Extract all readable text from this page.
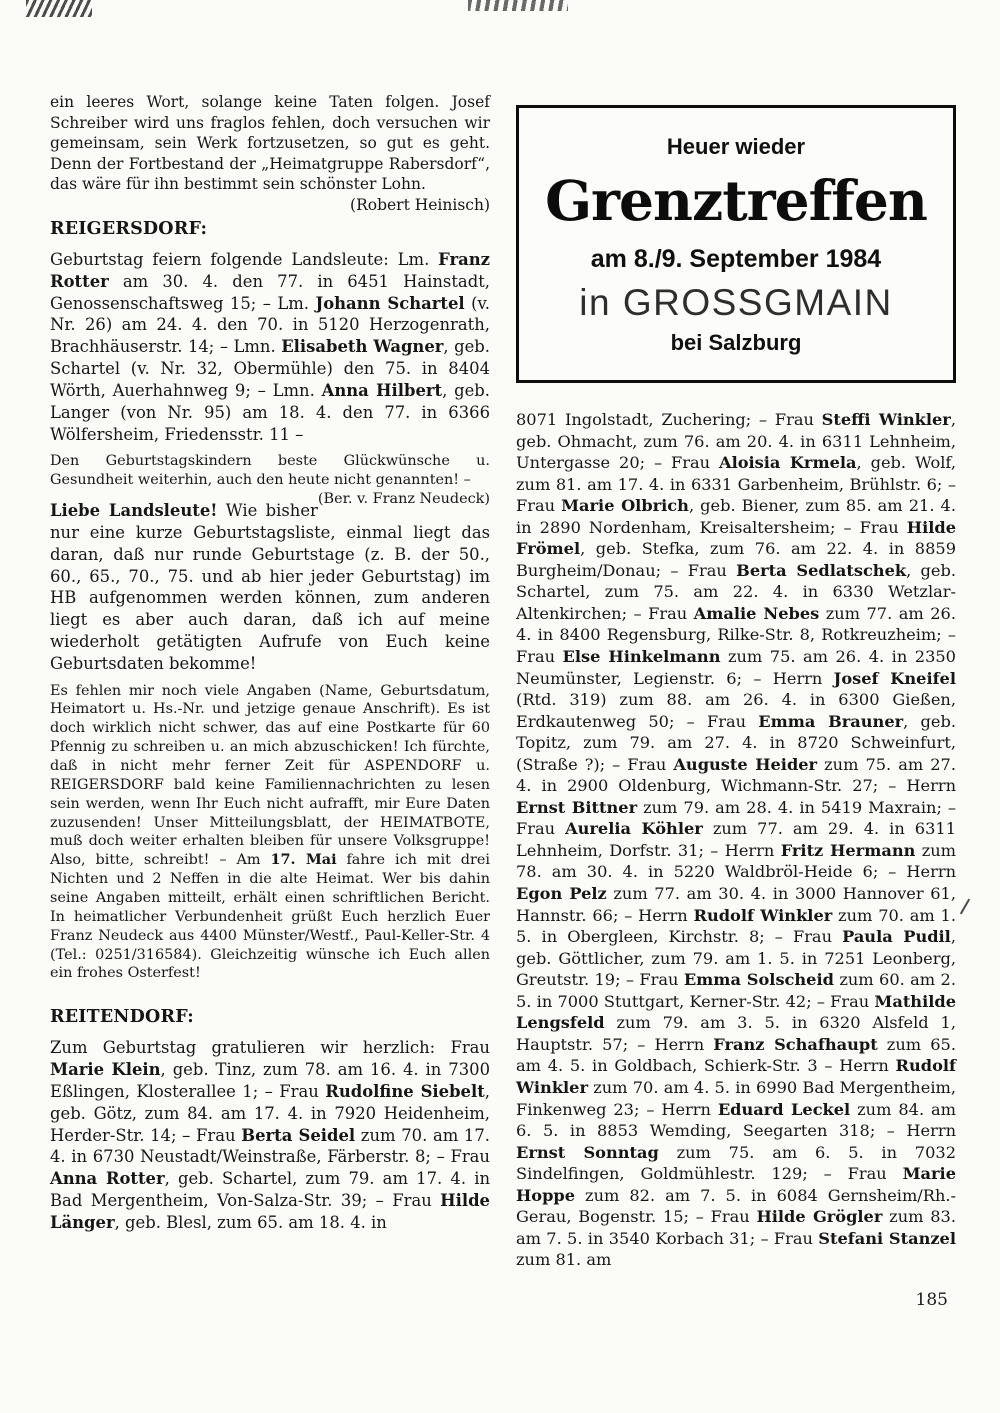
ein leeres Wort, solange keine Taten folgen. Josef Schreiber wird uns fraglos fehlen, doch versuchen wir gemeinsam, sein Werk fortzusetzen, so gut es geht. Denn der Fortbestand der „Heimatgruppe Rabersdorf“, das wäre für ihn bestimmt sein schönster Lohn.
(Robert Heinisch)

REIGERSDORF:

Geburtstag feiern folgende Landsleute: Lm. Franz Rotter am 30. 4. den 77. in 6451 Hainstadt, Genossenschaftsweg 15; – Lm. Johann Schartel (v. Nr. 26) am 24. 4. den 70. in 5120 Herzogenrath, Brachhäuserstr. 14; – Lmn. Elisabeth Wagner, geb. Schartel (v. Nr. 32, Obermühle) den 75. in 8404 Wörth, Auerhahnweg 9; – Lmn. Anna Hilbert, geb. Langer (von Nr. 95) am 18. 4. den 77. in 6366 Wölfersheim, Friedensstr. 11 –

Den Geburtstagskindern beste Glückwünsche u. Gesundheit weiterhin, auch den heute nicht genannten! –
(Ber. v. Franz Neudeck)

Liebe Landsleute! Wie bisher nur eine kurze Geburtstagsliste, einmal liegt das daran, daß nur runde Geburtstage (z. B. der 50., 60., 65., 70., 75. und ab hier jeder Geburtstag) im HB aufgenommen werden können, zum anderen liegt es aber auch daran, daß ich auf meine wiederholt getätigten Aufrufe von Euch keine Geburtsdaten bekomme!

Es fehlen mir noch viele Angaben (Name, Geburtsdatum, Heimatort u. Hs.-Nr. und jetzige genaue Anschrift). Es ist doch wirklich nicht schwer, das auf eine Postkarte für 60 Pfennig zu schreiben u. an mich abzuschicken! Ich fürchte, daß in nicht mehr ferner Zeit für ASPENDORF u. REIGERSDORF bald keine Familiennachrichten zu lesen sein werden, wenn Ihr Euch nicht aufrafft, mir Eure Daten zuzusenden! Unser Mitteilungsblatt, der HEIMATBOTE, muß doch weiter erhalten bleiben für unsere Volksgruppe! Also, bitte, schreibt! – Am 17. Mai fahre ich mit drei Nichten und 2 Neffen in die alte Heimat. Wer bis dahin seine Angaben mitteilt, erhält einen schriftlichen Bericht. In heimatlicher Verbundenheit grüßt Euch herzlich Euer Franz Neudeck aus 4400 Münster/Westf., Paul-Keller-Str. 4 (Tel.: 0251/316584). Gleichzeitig wünsche ich Euch allen ein frohes Osterfest!

REITENDORF:

Zum Geburtstag gratulieren wir herzlich: Frau Marie Klein, geb. Tinz, zum 78. am 16. 4. in 7300 Eßlingen, Klosterallee 1; – Frau Rudolfine Siebelt, geb. Götz, zum 84. am 17. 4. in 7920 Heidenheim, Herder-Str. 14; – Frau Berta Seidel zum 70. am 17. 4. in 6730 Neustadt/Weinstraße, Färberstr. 8; – Frau Anna Rotter, geb. Schartel, zum 79. am 17. 4. in Bad Mergentheim, Von-Salza-Str. 39; – Frau Hilde Länger, geb. Blesl, zum 65. am 18. 4. in

Heuer wieder
Grenztreffen
am 8./9. September 1984
in GROSSGMAIN
bei Salzburg

8071 Ingolstadt, Zuchering; – Frau Steffi Winkler, geb. Ohmacht, zum 76. am 20. 4. in 6311 Lehnheim, Untergasse 20; – Frau Aloisia Krmela, geb. Wolf, zum 81. am 17. 4. in 6331 Garbenheim, Brühlstr. 6; – Frau Marie Olbrich, geb. Biener, zum 85. am 21. 4. in 2890 Nordenham, Kreisaltersheim; – Frau Hilde Frömel, geb. Stefka, zum 76. am 22. 4. in 8859 Burgheim/Donau; – Frau Berta Sedlatschek, geb. Schartel, zum 75. am 22. 4. in 6330 Wetzlar-Altenkirchen; – Frau Amalie Nebes zum 77. am 26. 4. in 8400 Regensburg, Rilke-Str. 8, Rotkreuzheim; – Frau Else Hinkelmann zum 75. am 26. 4. in 2350 Neumünster, Legienstr. 6; – Herrn Josef Kneifel (Rtd. 319) zum 88. am 26. 4. in 6300 Gießen, Erdkautenweg 50; – Frau Emma Brauner, geb. Topitz, zum 79. am 27. 4. in 8720 Schweinfurt, (Straße ?); – Frau Auguste Heider zum 75. am 27. 4. in 2900 Oldenburg, Wichmann-Str. 27; – Herrn Ernst Bittner zum 79. am 28. 4. in 5419 Maxrain; – Frau Aurelia Köhler zum 77. am 29. 4. in 6311 Lehnheim, Dorfstr. 31; – Herrn Fritz Hermann zum 78. am 30. 4. in 5220 Waldbröl-Heide 6; – Herrn Egon Pelz zum 77. am 30. 4. in 3000 Hannover 61, Hannstr. 66; – Herrn Rudolf Winkler zum 70. am 1. 5. in Obergleen, Kirchstr. 8; – Frau Paula Pudil, geb. Göttlicher, zum 79. am 1. 5. in 7251 Leonberg, Greutstr. 19; – Frau Emma Solscheid zum 60. am 2. 5. in 7000 Stuttgart, Kerner-Str. 42; – Frau Mathilde Lengsfeld zum 79. am 3. 5. in 6320 Alsfeld 1, Hauptstr. 57; – Herrn Franz Schafhaupt zum 65. am 4. 5. in Goldbach, Schierk-Str. 3 – Herrn Rudolf Winkler zum 70. am 4. 5. in 6990 Bad Mergentheim, Finkenweg 23; – Herrn Eduard Leckel zum 84. am 6. 5. in 8853 Wemding, Seegarten 318; – Herrn Ernst Sonntag zum 75. am 6. 5. in 7032 Sindelfingen, Goldmühlestr. 129; – Frau Marie Hoppe zum 82. am 7. 5. in 6084 Gernsheim/Rh.-Gerau, Bogenstr. 15; – Frau Hilde Grögler zum 83. am 7. 5. in 3540 Korbach 31; – Frau Stefani Stanzel zum 81. am

185
